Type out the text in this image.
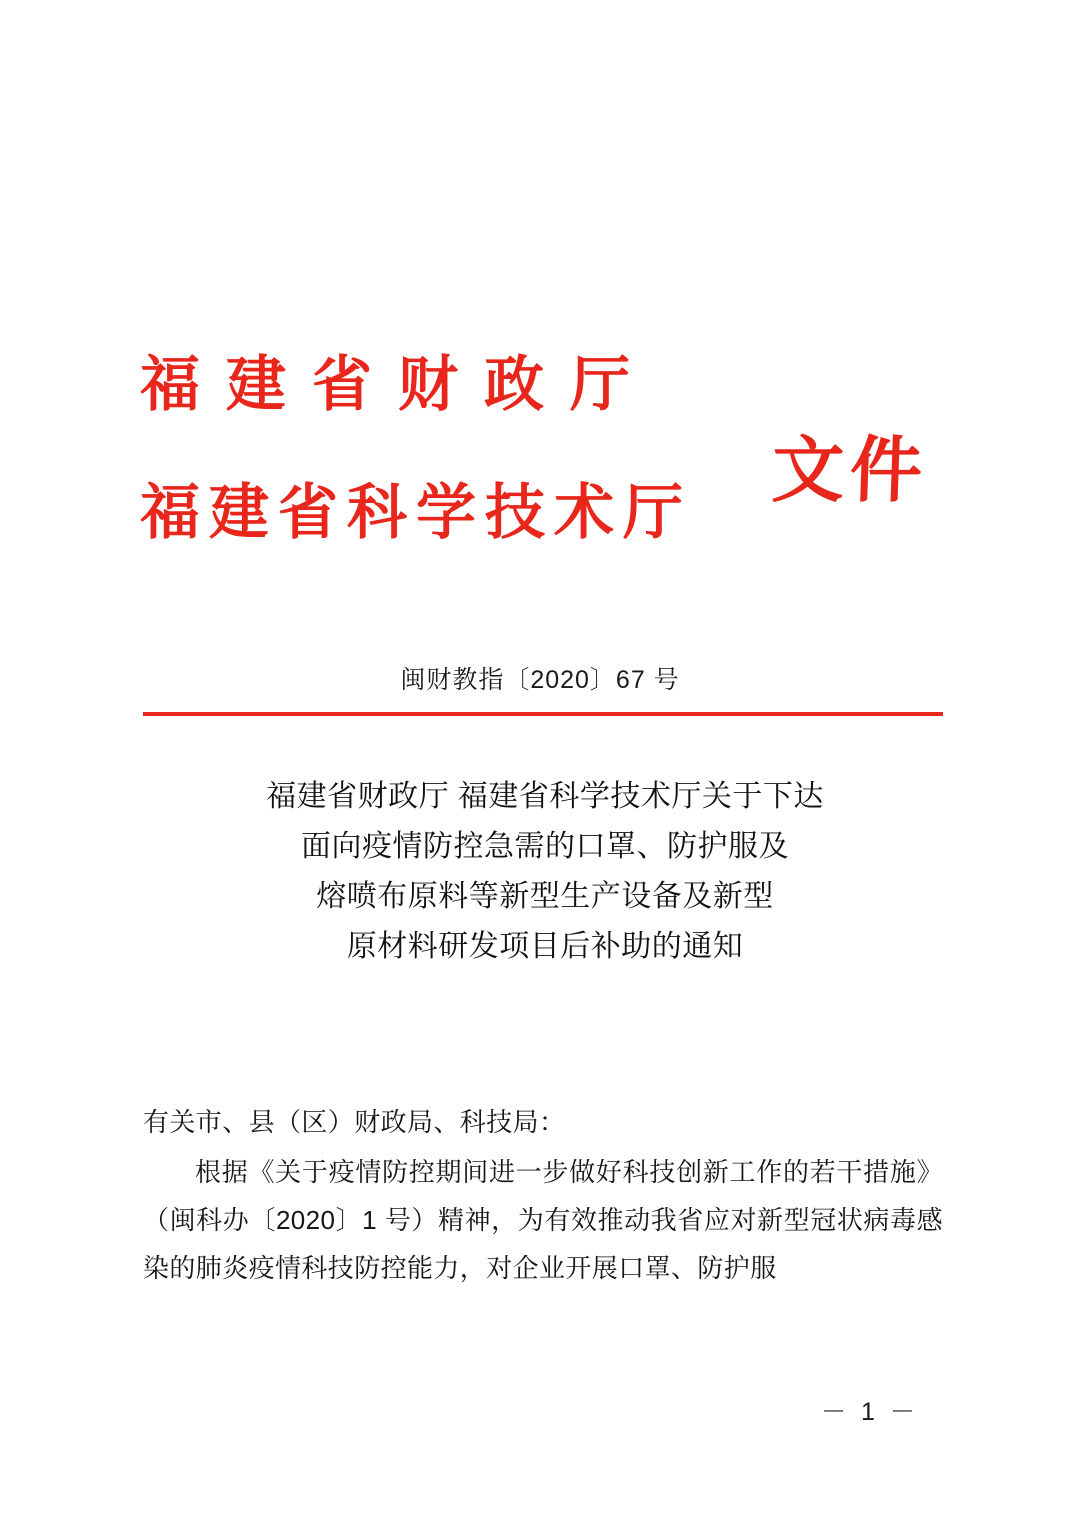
福建省财政厅
福建省科学技术厅
文件
闽财教指〔2020〕67 号
福建省财政厅 福建省科学技术厅关于下达
面向疫情防控急需的口罩、防护服及
熔喷布原料等新型生产设备及新型
原材料研发项目后补助的通知

有关市、县（区）财政局、科技局：

根据《关于疫情防控期间进一步做好科技创新工作的若干措施》（闽科办〔2020〕1 号）精神，为有效推动我省应对新型冠状病毒感染的肺炎疫情科技防控能力，对企业开展口罩、防护服

－ 1 －
